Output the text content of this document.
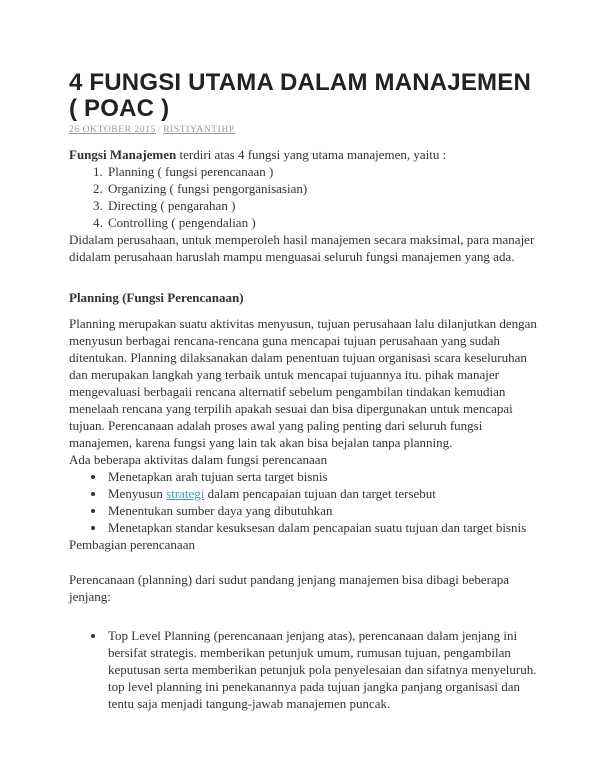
4 FUNGSI UTAMA DALAM MANAJEMEN ( POAC )
26 OKTOBER 2015 / RISTIYANTIHP

Fungsi Manajemen terdiri atas 4 fungsi yang utama manajemen, yaitu :

1. Planning ( fungsi perencanaan )
2. Organizing ( fungsi pengorganisasian)
3. Directing ( pengarahan )
4. Controlling ( pengendalian )

Didalam perusahaan, untuk memperoleh hasil manajemen secara maksimal, para manajer didalam perusahaan haruslah mampu menguasai seluruh fungsi manajemen yang ada.

Planning (Fungsi Perencanaan)

Planning merupakan suatu aktivitas menyusun, tujuan perusahaan lalu dilanjutkan dengan menyusun berbagai rencana-rencana guna mencapai tujuan perusahaan yang sudah ditentukan. Planning dilaksanakan dalam penentuan tujuan organisasi scara keseluruhan dan merupakan langkah yang terbaik untuk mencapai tujuannya itu. pihak manajer mengevaluasi berbagaii rencana alternatif sebelum pengambilan tindakan kemudian menelaah rencana yang terpilih apakah sesuai dan bisa dipergunakan untuk mencapai tujuan. Perencanaan adalah proses awal yang paling penting dari seluruh fungsi manajemen, karena fungsi yang lain tak akan bisa bejalan tanpa planning.

Ada beberapa aktivitas dalam fungsi perencanaan

• Menetapkan arah tujuan serta target bisnis
• Menyusun strategi dalam pencapaian tujuan dan target tersebut
• Menentukan sumber daya yang dibutuhkan
• Menetapkan standar kesuksesan dalam pencapaian suatu tujuan dan target bisnis

Pembagian perencanaan

Perencanaan (planning) dari sudut pandang jenjang manajemen bisa dibagi beberapa jenjang:

• Top Level Planning (perencanaan jenjang atas), perencanaan dalam jenjang ini bersifat strategis. memberikan petunjuk umum, rumusan tujuan, pengambilan keputusan serta memberikan petunjuk pola penyelesaian dan sifatnya menyeluruh. top level planning ini penekanannya pada tujuan jangka panjang organisasi dan tentu saja menjadi tangung-jawab manajemen puncak.
